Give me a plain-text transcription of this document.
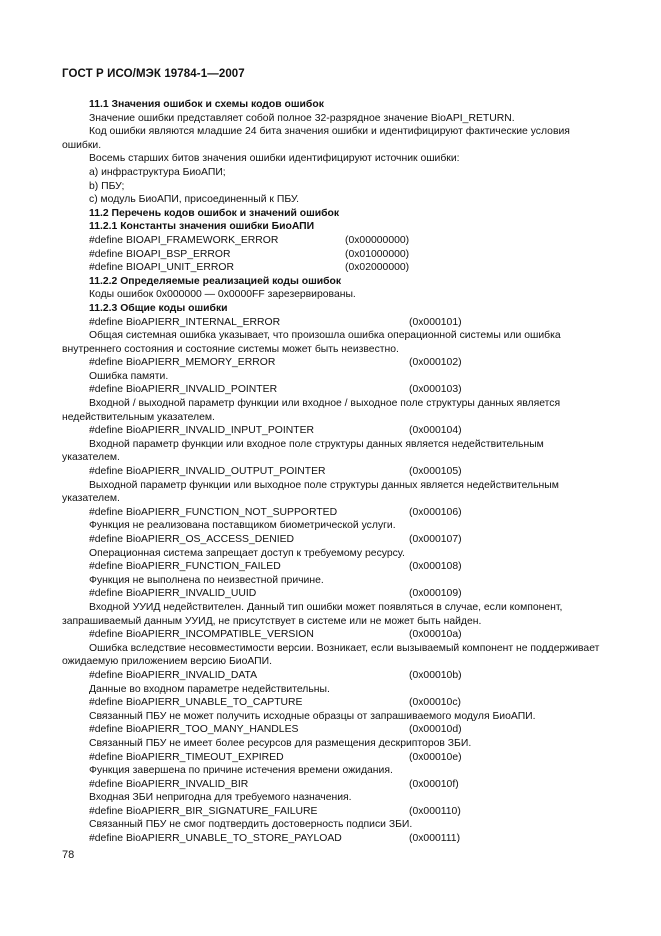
ГОСТ Р ИСО/МЭК 19784-1—2007
11.1 Значения ошибок и схемы кодов ошибок
Значение ошибки представляет собой полное 32-разрядное значение BioAPI_RETURN.
Код ошибки являются младшие 24 бита значения ошибки и идентифицируют фактические условия ошибки.
Восемь старших битов значения ошибки идентифицируют источник ошибки:
а) инфраструктура БиоАПИ;
b) ПБУ;
с) модуль БиоАПИ, присоединенный к ПБУ.
11.2 Перечень кодов ошибок и значений ошибок
11.2.1 Константы значения ошибки БиоАПИ
#define BIOAPI_FRAMEWORK_ERROR	(0x00000000)
#define BIOAPI_BSP_ERROR	(0x01000000)
#define BIOAPI_UNIT_ERROR	(0x02000000)
11.2.2 Определяемые реализацией коды ошибок
Коды ошибок 0x000000 — 0x0000FF зарезервированы.
11.2.3 Общие коды ошибки
#define BioAPIERR_INTERNAL_ERROR	(0x000101)
Общая системная ошибка указывает, что произошла ошибка операционной системы или ошибка внутреннего состояния и состояние системы может быть неизвестно.
#define BioAPIERR_MEMORY_ERROR	(0x000102)
Ошибка памяти.
#define BioAPIERR_INVALID_POINTER	(0x000103)
Входной / выходной параметр функции или входное / выходное поле структуры данных является недействительным указателем.
#define BioAPIERR_INVALID_INPUT_POINTER	(0x000104)
Входной параметр функции или входное поле структуры данных является недействительным указателем.
#define BioAPIERR_INVALID_OUTPUT_POINTER	(0x000105)
Выходной параметр функции или выходное поле структуры данных является недействительным указателем.
#define BioAPIERR_FUNCTION_NOT_SUPPORTED	(0x000106)
Функция не реализована поставщиком биометрической услуги.
#define BioAPIERR_OS_ACCESS_DENIED	(0x000107)
Операционная система запрещает доступ к требуемому ресурсу.
#define BioAPIERR_FUNCTION_FAILED	(0x000108)
Функция не выполнена по неизвестной причине.
#define BioAPIERR_INVALID_UUID	(0x000109)
Входной УУИД недействителен. Данный тип ошибки может появляться в случае, если компонент, запрашиваемый данным УУИД, не присутствует в системе или не может быть найден.
#define BioAPIERR_INCOMPATIBLE_VERSION	(0x00010a)
Ошибка вследствие несовместимости версии. Возникает, если вызываемый компонент не поддерживает ожидаемую приложением версию БиоАПИ.
#define BioAPIERR_INVALID_DATA	(0x00010b)
Данные во входном параметре недействительны.
#define BioAPIERR_UNABLE_TO_CAPTURE	(0x00010c)
Связанный ПБУ не может получить исходные образцы от запрашиваемого модуля БиоАПИ.
#define BioAPIERR_TOO_MANY_HANDLES	(0x00010d)
Связанный ПБУ не имеет более ресурсов для размещения дескрипторов ЗБИ.
#define BioAPIERR_TIMEOUT_EXPIRED	(0x00010e)
Функция завершена по причине истечения времени ожидания.
#define BioAPIERR_INVALID_BIR	(0x00010f)
Входная ЗБИ непригодна для требуемого назначения.
#define BioAPIERR_BIR_SIGNATURE_FAILURE	(0x000110)
Связанный ПБУ не смог подтвердить достоверность подписи ЗБИ.
#define BioAPIERR_UNABLE_TO_STORE_PAYLOAD	(0x000111)
78
